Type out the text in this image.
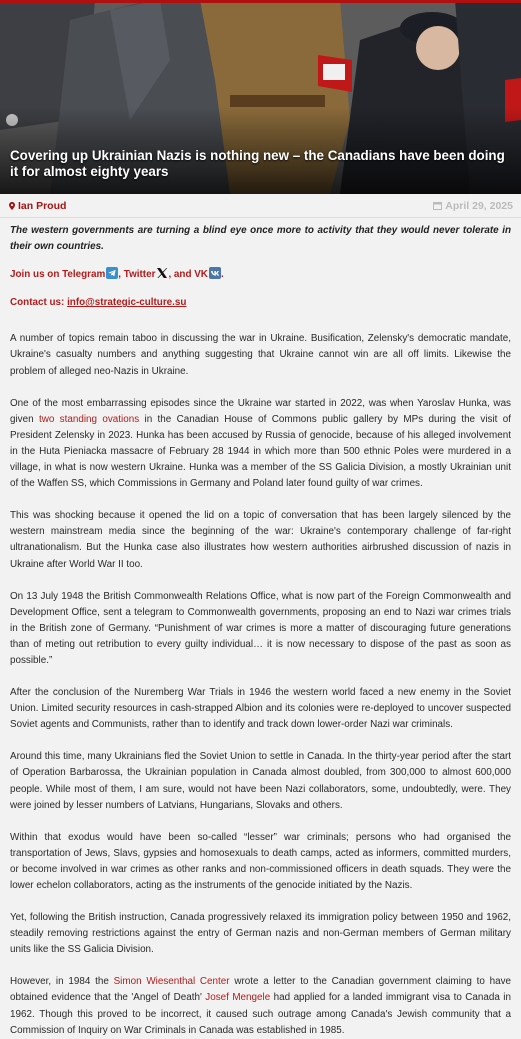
Covering up Ukrainian Nazis is nothing new – the Canadians have been doing it for almost eighty years
Ian Proud	April 29, 2025

The western governments are turning a blind eye once more to activity that they would never tolerate in their own countries.

Join us on Telegram , Twitter , and VK .

Contact us: info@strategic-culture.su

A number of topics remain taboo in discussing the war in Ukraine. Busification, Zelensky's democratic mandate, Ukraine's casualty numbers and anything suggesting that Ukraine cannot win are all off limits. Likewise the problem of alleged neo-Nazis in Ukraine.

One of the most embarrassing episodes since the Ukraine war started in 2022, was when Yaroslav Hunka, was given two standing ovations in the Canadian House of Commons public gallery by MPs during the visit of President Zelensky in 2023. Hunka has been accused by Russia of genocide, because of his alleged involvement in the Huta Pieniacka massacre of February 28 1944 in which more than 500 ethnic Poles were murdered in a village, in what is now western Ukraine. Hunka was a member of the SS Galicia Division, a mostly Ukrainian unit of the Waffen SS, which Commissions in Germany and Poland later found guilty of war crimes.

This was shocking because it opened the lid on a topic of conversation that has been largely silenced by the western mainstream media since the beginning of the war: Ukraine's contemporary challenge of far-right ultranationalism. But the Hunka case also illustrates how western authorities airbrushed discussion of nazis in Ukraine after World War II too.

On 13 July 1948 the British Commonwealth Relations Office, what is now part of the Foreign Commonwealth and Development Office, sent a telegram to Commonwealth governments, proposing an end to Nazi war crimes trials in the British zone of Germany. “Punishment of war crimes is more a matter of discouraging future generations than of meting out retribution to every guilty individual… it is now necessary to dispose of the past as soon as possible.”

After the conclusion of the Nuremberg War Trials in 1946 the western world faced a new enemy in the Soviet Union. Limited security resources in cash-strapped Albion and its colonies were re-deployed to uncover suspected Soviet agents and Communists, rather than to identify and track down lower-order Nazi war criminals.

Around this time, many Ukrainians fled the Soviet Union to settle in Canada. In the thirty-year period after the start of Operation Barbarossa, the Ukrainian population in Canada almost doubled, from 300,000 to almost 600,000 people. While most of them, I am sure, would not have been Nazi collaborators, some, undoubtedly, were. They were joined by lesser numbers of Latvians, Hungarians, Slovaks and others.

Within that exodus would have been so-called “lesser” war criminals; persons who had organised the transportation of Jews, Slavs, gypsies and homosexuals to death camps, acted as informers, committed murders, or become involved in war crimes as other ranks and non-commissioned officers in death squads. They were the lower echelon collaborators, acting as the instruments of the genocide initiated by the Nazis.

Yet, following the British instruction, Canada progressively relaxed its immigration policy between 1950 and 1962, steadily removing restrictions against the entry of German nazis and non-German members of German military units like the SS Galicia Division.

However, in 1984 the Simon Wiesenthal Center wrote a letter to the Canadian government claiming to have obtained evidence that the 'Angel of Death' Josef Mengele had applied for a landed immigrant visa to Canada in 1962. Though this proved to be incorrect, it caused such outrage among Canada's Jewish community that a Commission of Inquiry on War Criminals in Canada was established in 1985.
